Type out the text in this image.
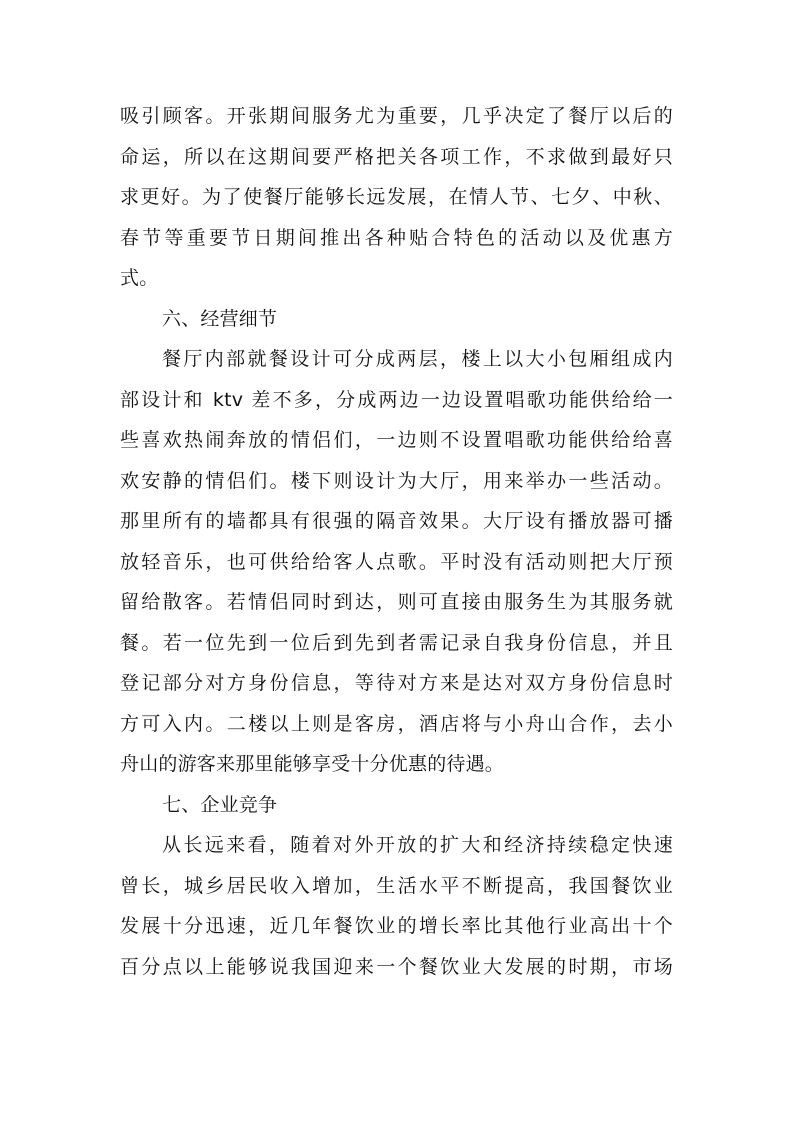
吸引顾客。开张期间服务尤为重要，几乎决定了餐厅以后的
命运，所以在这期间要严格把关各项工作，不求做到最好只
求更好。为了使餐厅能够长远发展，在情人节、七夕、中秋、
春节等重要节日期间推出各种贴合特色的活动以及优惠方
式。
六、经营细节
餐厅内部就餐设计可分成两层，楼上以大小包厢组成内
部设计和 ktv 差不多，分成两边一边设置唱歌功能供给给一
些喜欢热闹奔放的情侣们，一边则不设置唱歌功能供给给喜
欢安静的情侣们。楼下则设计为大厅，用来举办一些活动。
那里所有的墙都具有很强的隔音效果。大厅设有播放器可播
放轻音乐，也可供给给客人点歌。平时没有活动则把大厅预
留给散客。若情侣同时到达，则可直接由服务生为其服务就
餐。若一位先到一位后到先到者需记录自我身份信息，并且
登记部分对方身份信息，等待对方来是达对双方身份信息时
方可入内。二楼以上则是客房，酒店将与小舟山合作，去小
舟山的游客来那里能够享受十分优惠的待遇。
七、企业竞争
从长远来看，随着对外开放的扩大和经济持续稳定快速
曾长，城乡居民收入增加，生活水平不断提高，我国餐饮业
发展十分迅速，近几年餐饮业的增长率比其他行业高出十个
百分点以上能够说我国迎来一个餐饮业大发展的时期，市场
